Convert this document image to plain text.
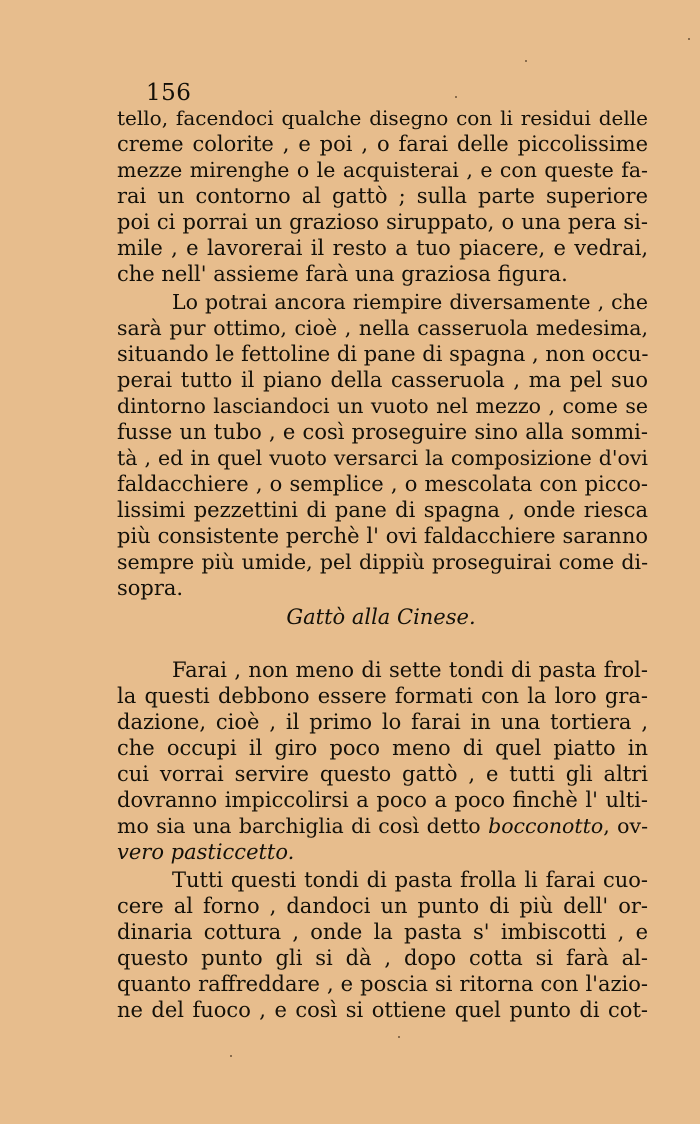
156
tello, facendoci qualche disegno con li residui delle
creme colorite , e poi , o farai delle piccolissime
mezze mirenghe o le acquisterai , e con queste fa-
rai un contorno al gattò ; sulla parte superiore
poi ci porrai un grazioso siruppato, o una pera si-
mile , e lavorerai il resto a tuo piacere, e vedrai,
che nell' assieme farà una graziosa figura.
Lo potrai ancora riempire diversamente , che
sarà pur ottimo, cioè , nella casseruola medesima,
situando le fettoline di pane di spagna , non occu-
perai tutto il piano della casseruola , ma pel suo
dintorno lasciandoci un vuoto nel mezzo , come se
fusse un tubo , e così proseguire sino alla sommi-
tà , ed in quel vuoto versarci la composizione d'ovi
faldacchiere , o semplice , o mescolata con picco-
lissimi pezzettini di pane di spagna , onde riesca
più consistente perchè l' ovi faldacchiere saranno
sempre più umide, pel dippiù proseguirai come di-
sopra.
Gattò alla Cinese.
Farai , non meno di sette tondi di pasta frol-
la questi debbono essere formati con la loro gra-
dazione, cioè , il primo lo farai in una tortiera ,
che occupi il giro poco meno di quel piatto in
cui vorrai servire questo gattò , e tutti gli altri
dovranno impiccolirsi a poco a poco finchè l' ulti-
mo sia una barchiglia di così detto bocconotto, ov-
vero pasticcetto.
Tutti questi tondi di pasta frolla li farai cuo-
cere al forno , dandoci un punto di più dell' or-
dinaria cottura , onde la pasta s' imbiscotti , e
questo punto gli si dà , dopo cotta si farà al-
quanto raffreddare , e poscia si ritorna con l'azio-
ne del fuoco , e così si ottiene quel punto di cot-
